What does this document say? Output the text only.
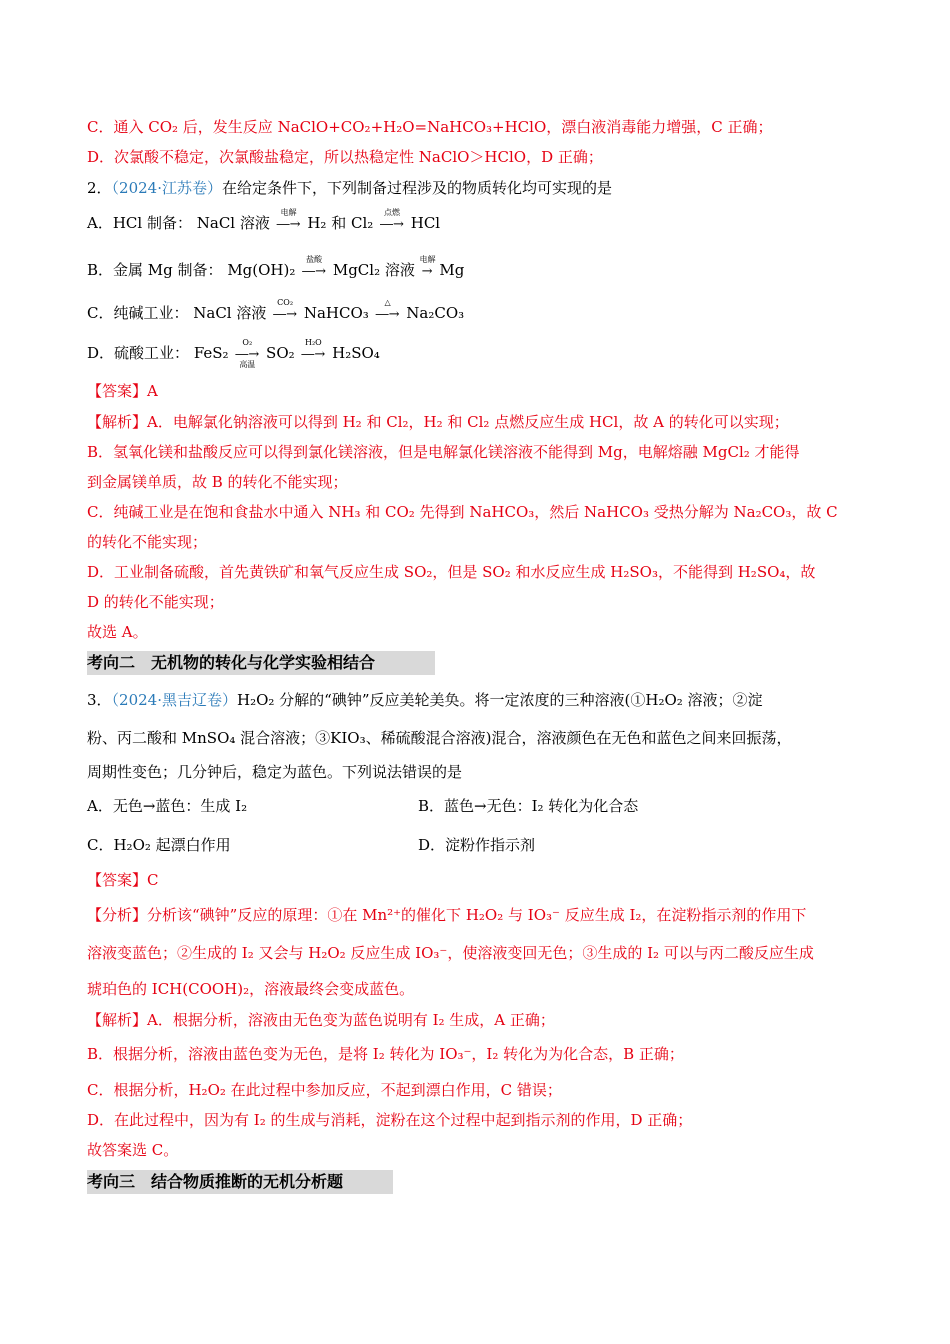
C．通入 CO₂ 后，发生反应 NaClO+CO₂+H₂O=NaHCO₃+HClO，漂白液消毒能力增强，C 正确；
D．次氯酸不稳定，次氯酸盐稳定，所以热稳定性 NaClO＞HClO，D 正确；
2．（2024·江苏卷）在给定条件下，下列制备过程涉及的物质转化均可实现的是
A．HCl 制备： NaCl 溶液
电解
―→ H₂ 和 Cl₂
点燃
―→ HCl
B．金属 Mg 制备： Mg(OH)₂
盐酸
―→ MgCl₂ 溶液
电解
→ Mg
C．纯碱工业： NaCl 溶液
CO₂
―→ NaHCO₃
△
―→ Na₂CO₃
D．硫酸工业： FeS₂
O₂
高温
―→ SO₂
H₂O
―→ H₂SO₄
【答案】A
【解析】A．电解氯化钠溶液可以得到 H₂ 和 Cl₂，H₂ 和 Cl₂ 点燃反应生成 HCl，故 A 的转化可以实现；
B．氢氧化镁和盐酸反应可以得到氯化镁溶液，但是电解氯化镁溶液不能得到 Mg，电解熔融 MgCl₂ 才能得
到金属镁单质，故 B 的转化不能实现；
C．纯碱工业是在饱和食盐水中通入 NH₃ 和 CO₂ 先得到 NaHCO₃，然后 NaHCO₃ 受热分解为 Na₂CO₃，故 C
的转化不能实现；
D．工业制备硫酸，首先黄铁矿和氧气反应生成 SO₂，但是 SO₂ 和水反应生成 H₂SO₃，不能得到 H₂SO₄，故
D 的转化不能实现；
故选 A。
考向二　无机物的转化与化学实验相结合
3．（2024·黑吉辽卷）H₂O₂ 分解的“碘钟”反应美轮美奂。将一定浓度的三种溶液(①H₂O₂ 溶液；②淀
粉、丙二酸和 MnSO₄ 混合溶液；③KIO₃、稀硫酸混合溶液)混合，溶液颜色在无色和蓝色之间来回振荡，
周期性变色；几分钟后，稳定为蓝色。下列说法错误的是
A．无色→蓝色：生成 I₂	B．蓝色→无色：I₂ 转化为化合态
C．H₂O₂ 起漂白作用	D．淀粉作指示剂
【答案】C
【分析】分析该“碘钟”反应的原理：①在 Mn²⁺的催化下 H₂O₂ 与 IO₃⁻ 反应生成 I₂，在淀粉指示剂的作用下
溶液变蓝色；②生成的 I₂ 又会与 H₂O₂ 反应生成 IO₃⁻，使溶液变回无色；③生成的 I₂ 可以与丙二酸反应生成
琥珀色的 ICH(COOH)₂，溶液最终会变成蓝色。
【解析】A．根据分析，溶液由无色变为蓝色说明有 I₂ 生成，A 正确；
B．根据分析，溶液由蓝色变为无色，是将 I₂ 转化为 IO₃⁻，I₂ 转化为为化合态，B 正确；
C．根据分析，H₂O₂ 在此过程中参加反应，不起到漂白作用，C 错误；
D．在此过程中，因为有 I₂ 的生成与消耗，淀粉在这个过程中起到指示剂的作用，D 正确；
故答案选 C。
考向三　结合物质推断的无机分析题
